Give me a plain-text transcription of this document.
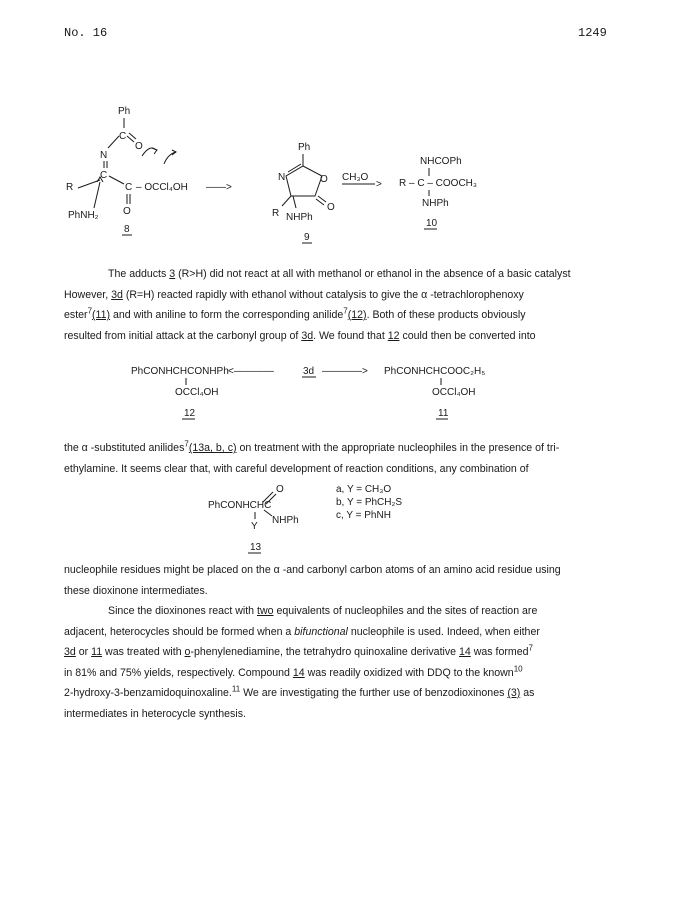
No. 16	1249
Ph
C
O
N
C
R	C – OCCl₄OH
O
PhNH₂
8
——>
Ph
N	O
O
R NHPh
9
CH₃O
>
NHCOPh
R – C – COOCH₃
NHPh
10
The adducts 3 (R>H) did not react at all with methanol or ethanol in the absence of a basic catalyst
However, 3d (R=H) reacted rapidly with ethanol without catalysis to give the α -tetrachlorophenoxy
ester$^7$(11) and with aniline to form the corresponding anilide$^7$(12). Both of these products obviously
resulted from initial attack at the carbonyl group of 3d. We found that 12 could then be converted into
PhCONHCHCONHPh
OCCl₄OH
12
<————	3d ————> PhCONHCHCOOC₂H₅
OCCl₄OH
11
the α -substituted anilides$^7$(13a, b, c) on treatment with the appropriate nucleophiles in the presence of tri-
ethylamine. It seems clear that, with careful development of reaction conditions, any combination of
PhCONHCHC
O
NHPh
Y
13
a, Y = CH₃O
b, Y = PhCH₂S
c, Y = PhNH
nucleophile residues might be placed on the α -and carbonyl carbon atoms of an amino acid residue using
these dioxinone intermediates.
Since the dioxinones react with two equivalents of nucleophiles and the sites of reaction are
adjacent, heterocycles should be formed when a bifunctional nucleophile is used. Indeed, when either
3d or 11 was treated with o-phenylenediamine, the tetrahydro quinoxaline derivative 14 was formed$^7$
in 81% and 75% yields, respectively. Compound 14 was readily oxidized with DDQ to the known$^{10}$
2-hydroxy-3-benzamidoquinoxaline.$^{11}$ We are investigating the further use of benzodioxinones (3) as
intermediates in heterocycle synthesis.
